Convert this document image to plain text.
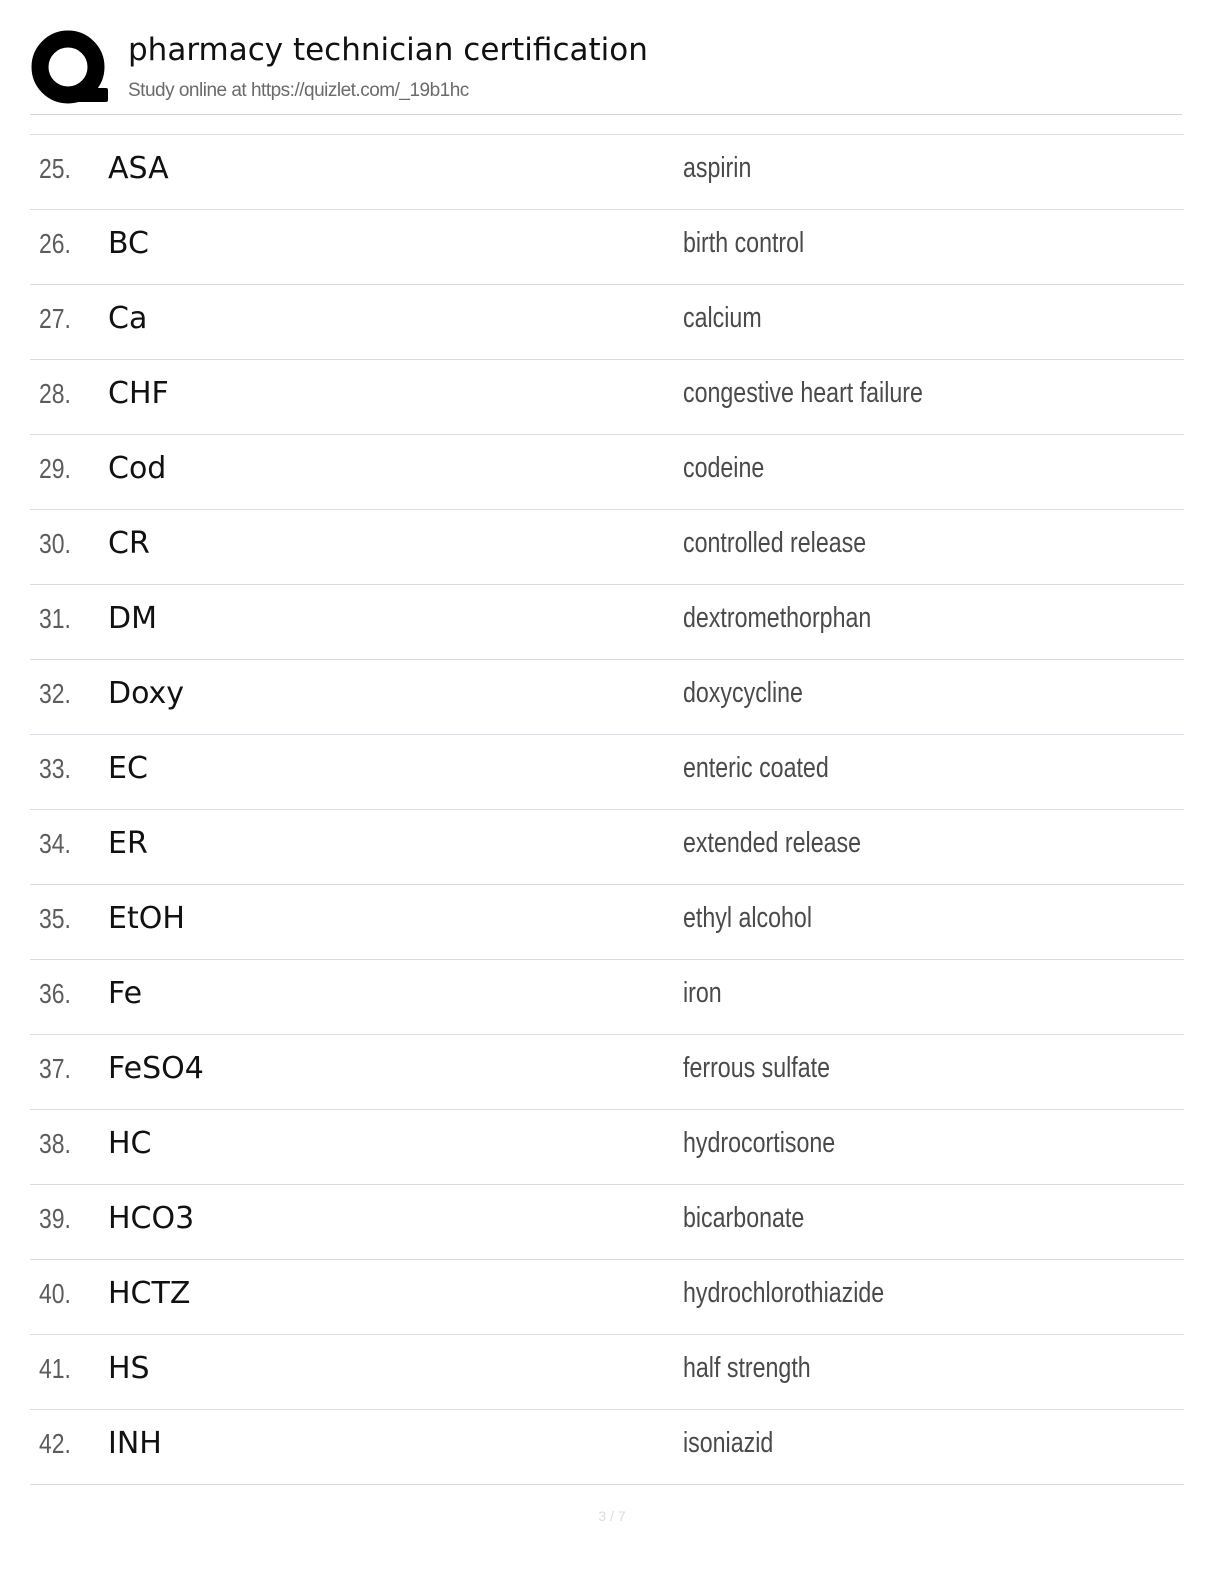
pharmacy technician certification
Study online at https://quizlet.com/_19b1hc
25. ASA	aspirin
26. BC	birth control
27. Ca	calcium
28. CHF	congestive heart failure
29. Cod	codeine
30. CR	controlled release
31. DM	dextromethorphan
32. Doxy	doxycycline
33. EC	enteric coated
34. ER	extended release
35. EtOH	ethyl alcohol
36. Fe	iron
37. FeSO4	ferrous sulfate
38. HC	hydrocortisone
39. HCO3	bicarbonate
40. HCTZ	hydrochlorothiazide
41. HS	half strength
42. INH	isoniazid
3 / 7
